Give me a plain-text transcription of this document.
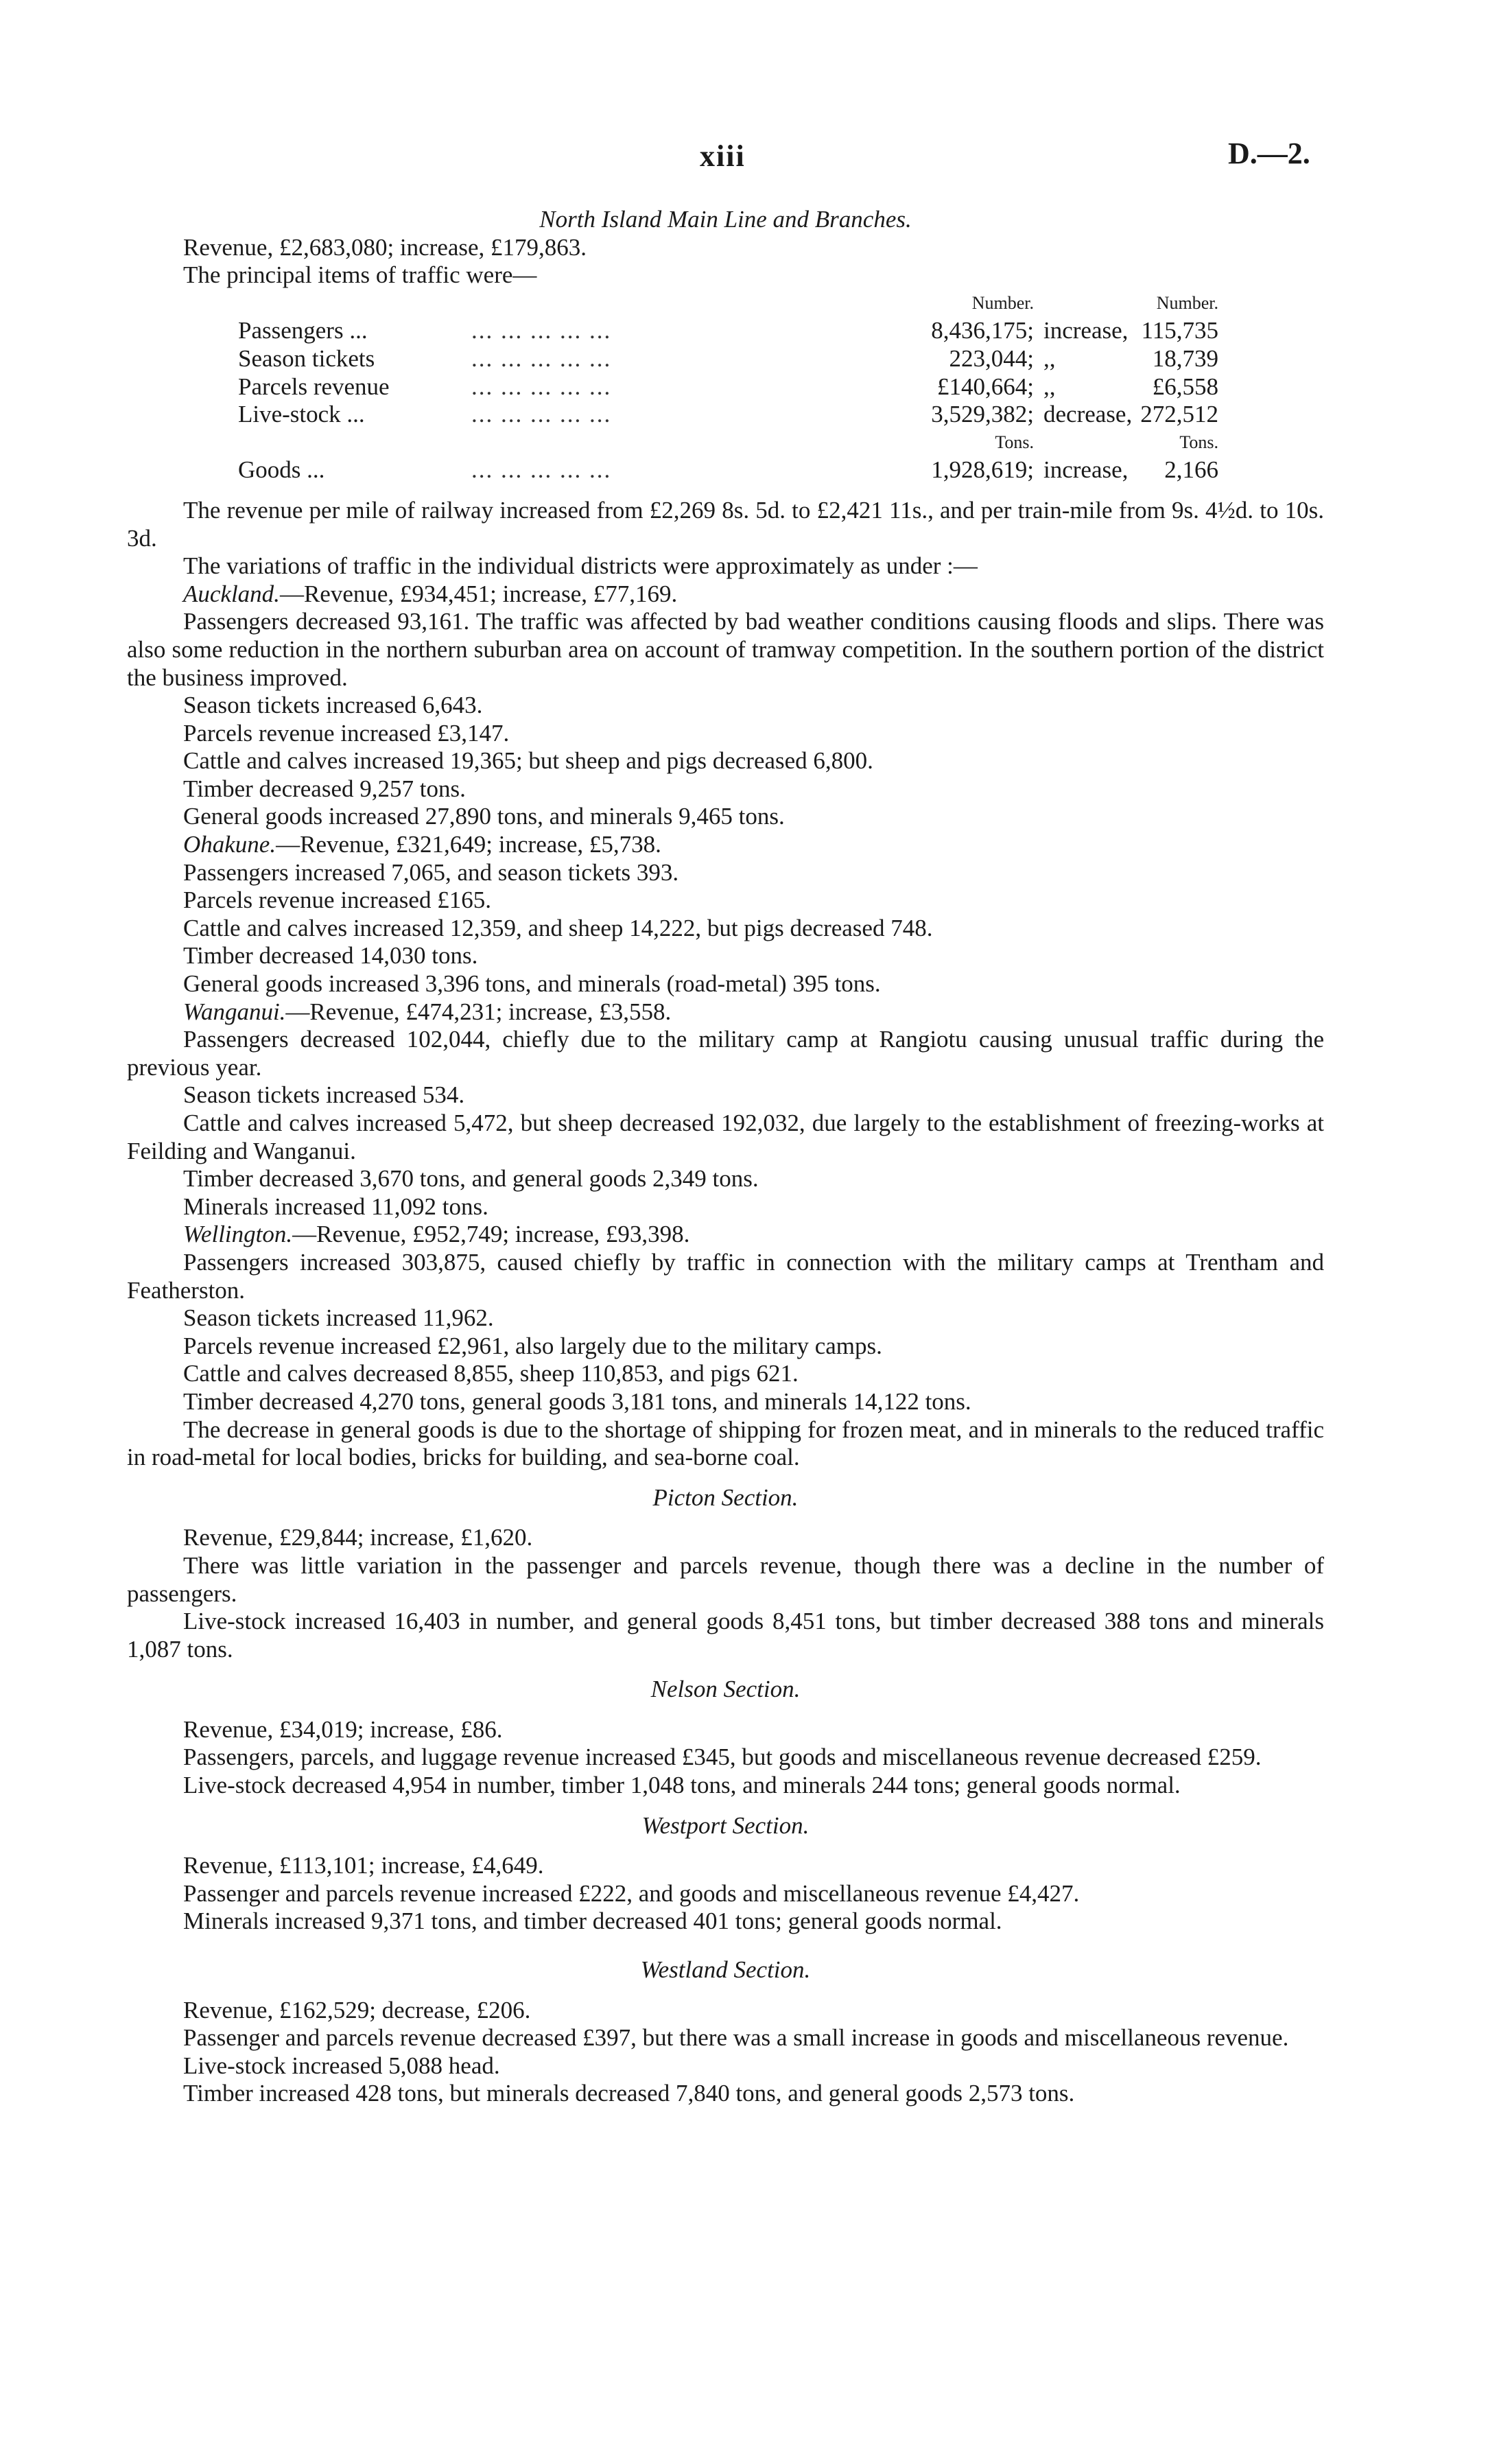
xiii	D.—2.

North Island Main Line and Branches.

Revenue, £2,683,080; increase, £179,863.

The principal items of traffic were—

		Number.		Number.
Passengers ...	... ... ... ... ...	8,436,175;	increase,	115,735
Season tickets	... ... ... ... ...	223,044;	,,	18,739
Parcels revenue	... ... ... ... ...	£140,664;	,,	£6,558
Live-stock ...	... ... ... ... ...	3,529,382;	decrease,	272,512
		Tons.		Tons.
Goods ...	... ... ... ... ...	1,928,619;	increase,	2,166

The revenue per mile of railway increased from £2,269 8s. 5d. to £2,421 11s., and per train-mile from 9s. 4½d. to 10s. 3d.

The variations of traffic in the individual districts were approximately as under :—

Auckland.—Revenue, £934,451; increase, £77,169.

Passengers decreased 93,161. The traffic was affected by bad weather conditions causing floods and slips. There was also some reduction in the northern suburban area on account of tramway competition. In the southern portion of the district the business improved.

Season tickets increased 6,643.

Parcels revenue increased £3,147.

Cattle and calves increased 19,365; but sheep and pigs decreased 6,800.

Timber decreased 9,257 tons.

General goods increased 27,890 tons, and minerals 9,465 tons.

Ohakune.—Revenue, £321,649; increase, £5,738.

Passengers increased 7,065, and season tickets 393.

Parcels revenue increased £165.

Cattle and calves increased 12,359, and sheep 14,222, but pigs decreased 748.

Timber decreased 14,030 tons.

General goods increased 3,396 tons, and minerals (road-metal) 395 tons.

Wanganui.—Revenue, £474,231; increase, £3,558.

Passengers decreased 102,044, chiefly due to the military camp at Rangiotu causing unusual traffic during the previous year.

Season tickets increased 534.

Cattle and calves increased 5,472, but sheep decreased 192,032, due largely to the establishment of freezing-works at Feilding and Wanganui.

Timber decreased 3,670 tons, and general goods 2,349 tons.

Minerals increased 11,092 tons.

Wellington.—Revenue, £952,749; increase, £93,398.

Passengers increased 303,875, caused chiefly by traffic in connection with the military camps at Trentham and Featherston.

Season tickets increased 11,962.

Parcels revenue increased £2,961, also largely due to the military camps.

Cattle and calves decreased 8,855, sheep 110,853, and pigs 621.

Timber decreased 4,270 tons, general goods 3,181 tons, and minerals 14,122 tons.

The decrease in general goods is due to the shortage of shipping for frozen meat, and in minerals to the reduced traffic in road-metal for local bodies, bricks for building, and sea-borne coal.

Picton Section.

Revenue, £29,844; increase, £1,620.

There was little variation in the passenger and parcels revenue, though there was a decline in the number of passengers.

Live-stock increased 16,403 in number, and general goods 8,451 tons, but timber decreased 388 tons and minerals 1,087 tons.

Nelson Section.

Revenue, £34,019; increase, £86.

Passengers, parcels, and luggage revenue increased £345, but goods and miscellaneous revenue decreased £259.

Live-stock decreased 4,954 in number, timber 1,048 tons, and minerals 244 tons; general goods normal.

Westport Section.

Revenue, £113,101; increase, £4,649.

Passenger and parcels revenue increased £222, and goods and miscellaneous revenue £4,427.

Minerals increased 9,371 tons, and timber decreased 401 tons; general goods normal.

Westland Section.

Revenue, £162,529; decrease, £206.

Passenger and parcels revenue decreased £397, but there was a small increase in goods and miscellaneous revenue.

Live-stock increased 5,088 head.

Timber increased 428 tons, but minerals decreased 7,840 tons, and general goods 2,573 tons.
